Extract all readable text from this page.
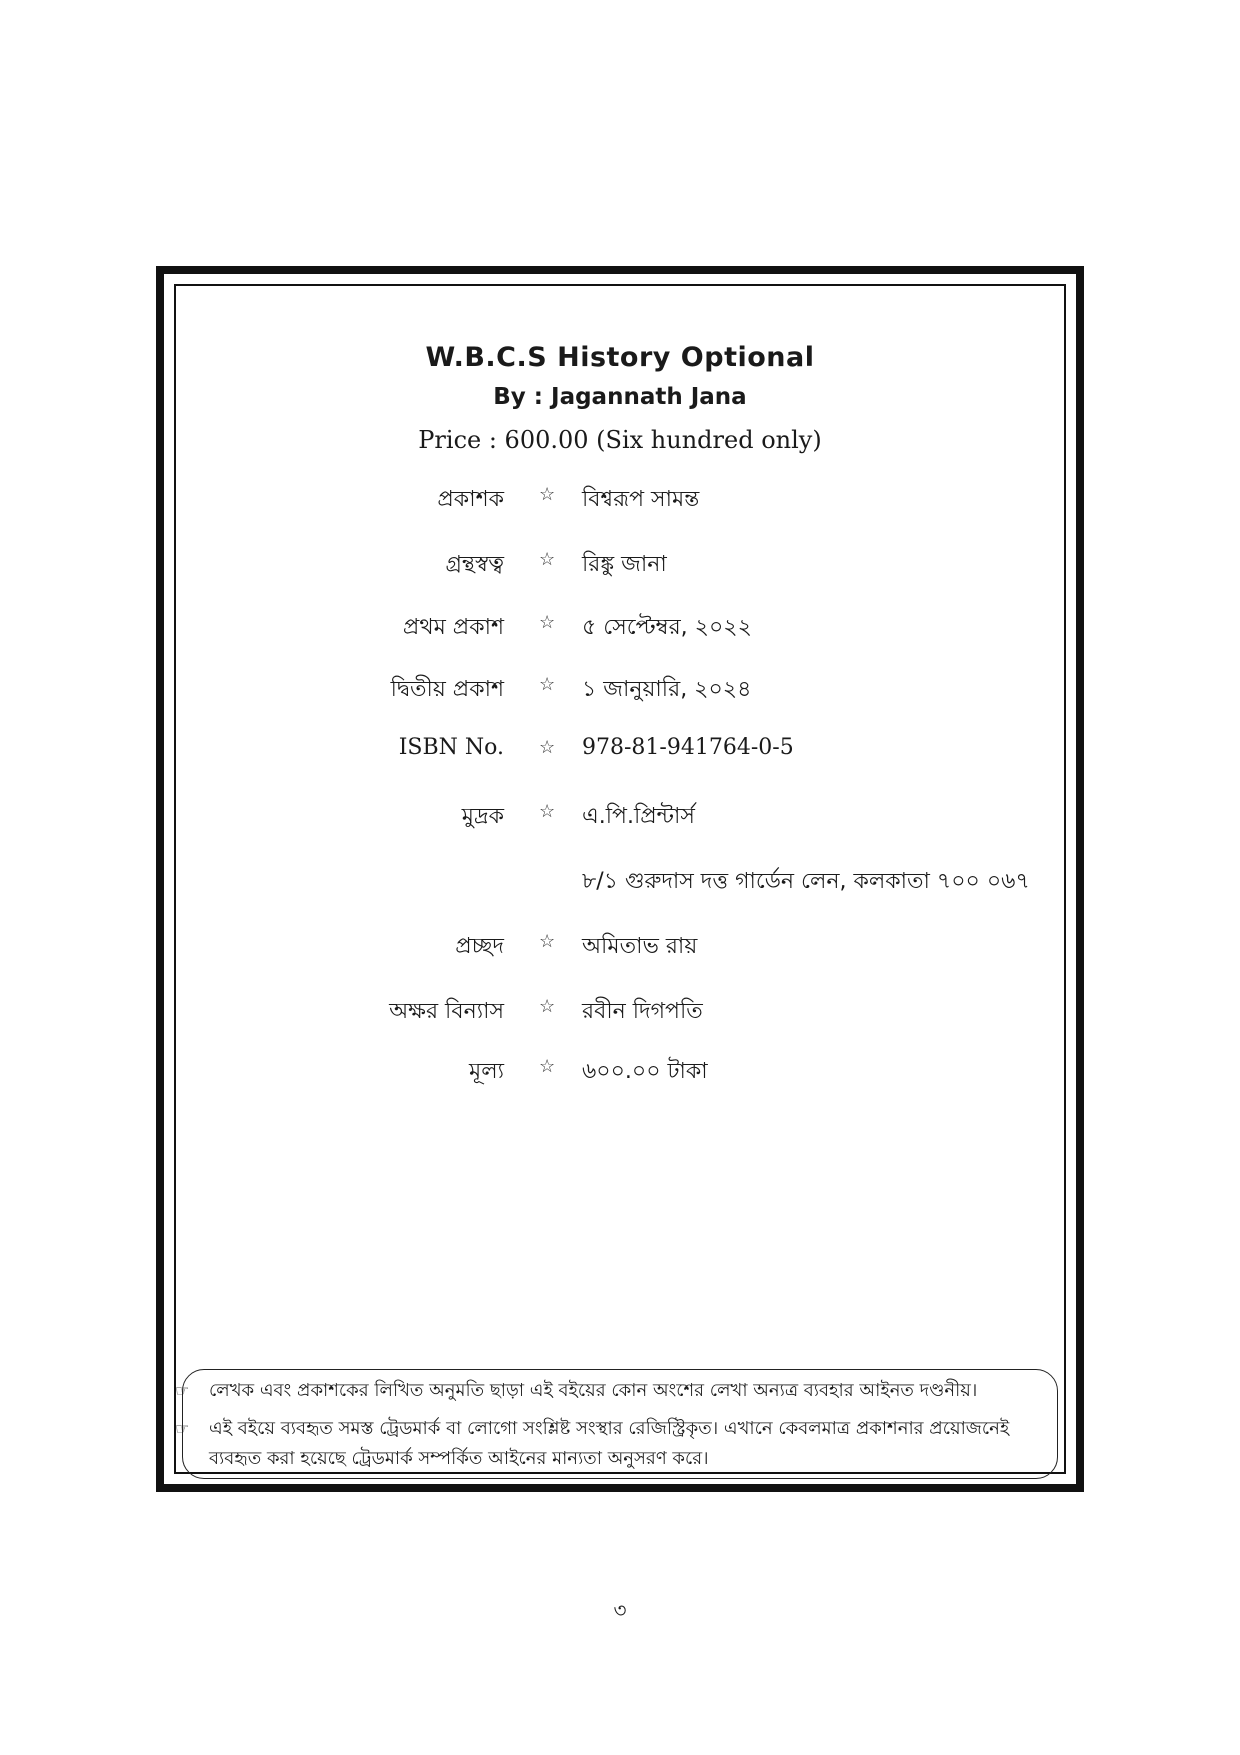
W.B.C.S History Optional
By : Jagannath Jana
Price : 600.00 (Six hundred only)
প্রকাশক ☆ বিশ্বরূপ সামন্ত
গ্রন্থস্বত্ব ☆ রিঙ্কু জানা
প্রথম প্রকাশ ☆ ৫ সেপ্টেম্বর, ২০২২
দ্বিতীয় প্রকাশ ☆ ১ জানুয়ারি, ২০২৪
ISBN No. ☆ 978-81-941764-0-5
মুদ্রক ☆ এ.পি.প্রিন্টার্স
৮/১ গুরুদাস দত্ত গার্ডেন লেন, কলকাতা ৭০০ ০৬৭
প্রচ্ছদ ☆ অমিতাভ রায়
অক্ষর বিন্যাস ☆ রবীন দিগপতি
মূল্য ☆ ৬০০.০০ টাকা
☞	লেখক এবং প্রকাশকের লিখিত অনুমতি ছাড়া এই বইয়ের কোন অংশের লেখা অন্যত্র ব্যবহার আইনত দণ্ডনীয়।
☞	এই বইয়ে ব্যবহৃত সমস্ত ট্রেডমার্ক বা লোগো সংশ্লিষ্ট সংস্থার রেজিস্ট্রিকৃত। এখানে কেবলমাত্র প্রকাশনার প্রয়োজনেই ব্যবহৃত করা হয়েছে ট্রেডমার্ক সম্পর্কিত আইনের মান্যতা অনুসরণ করে।
৩
